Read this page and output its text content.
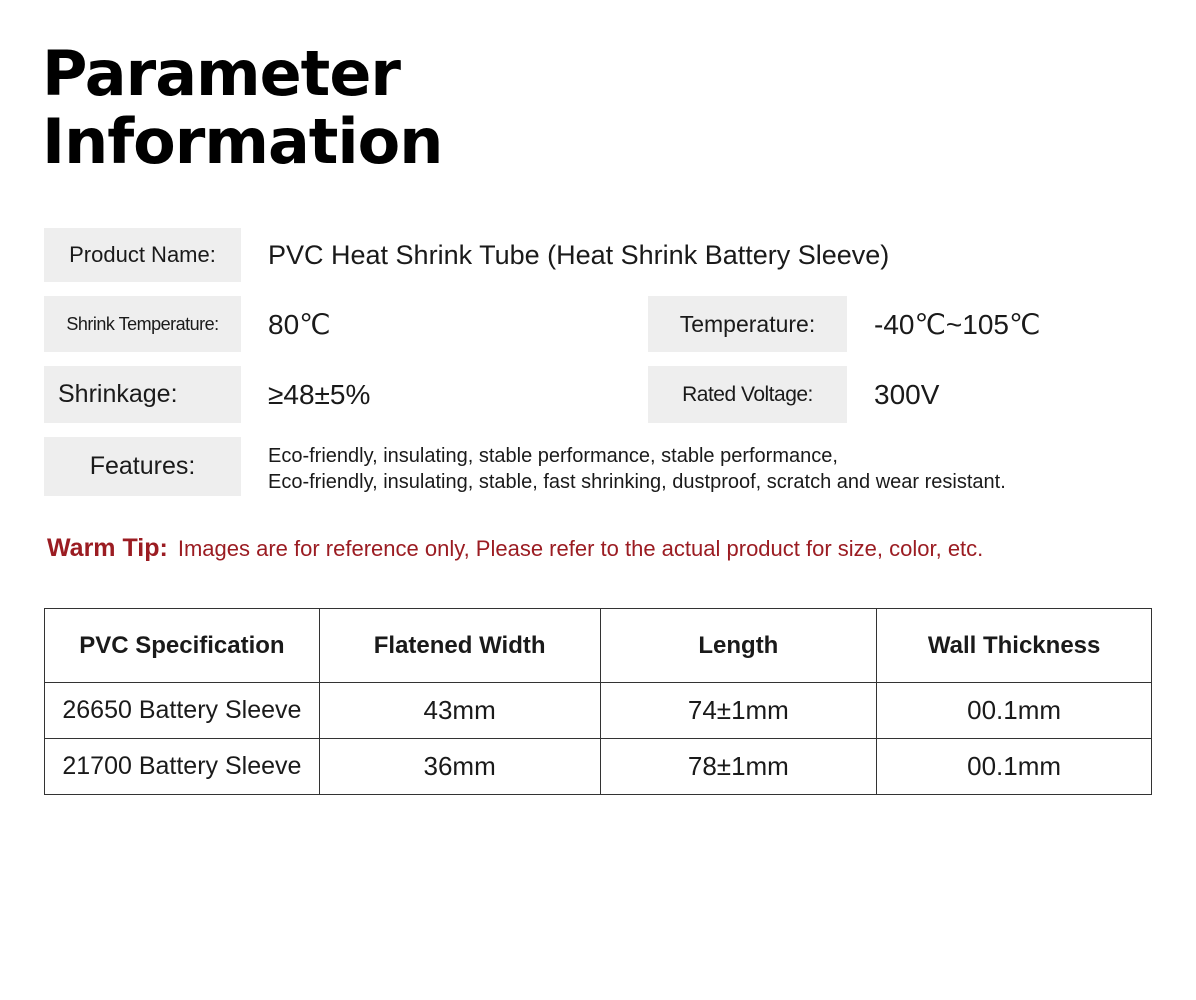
Parameter
Information
Product Name:	PVC Heat Shrink Tube (Heat Shrink Battery Sleeve)
Shrink Temperature:	80℃	Temperature:	-40℃~105℃
Shrinkage:	≥48±5%	Rated Voltage:	300V
Features:	Eco-friendly, insulating, stable performance, stable performance,
Eco-friendly, insulating, stable, fast shrinking, dustproof, scratch and wear resistant.
Warm Tip: Images are for reference only, Please refer to the actual product for size, color, etc.
PVC Specification	Flatened Width	Length	Wall Thickness
26650 Battery Sleeve	43mm	74±1mm	00.1mm
21700 Battery Sleeve	36mm	78±1mm	00.1mm
